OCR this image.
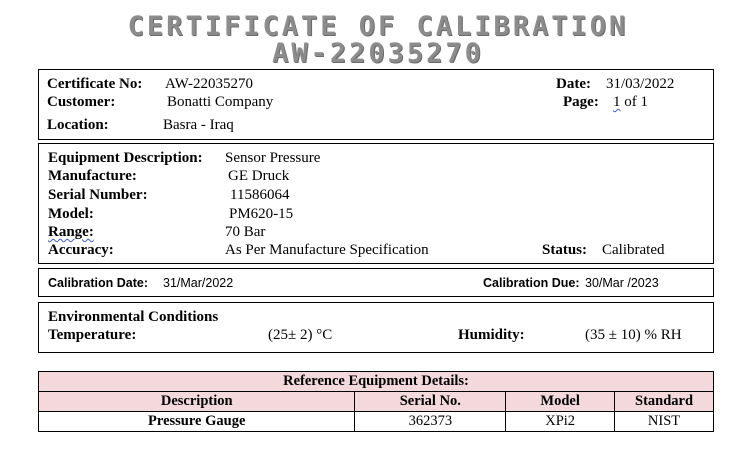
CERTIFICATE OF CALIBRATION
AW-22035270
Certificate No: AW-22035270	Date: 31/03/2022
Customer:	Bonatti Company	Page: 1 of 1
Location:	Basra - Iraq
Equipment Description: Sensor Pressure
Manufacture:	GE Druck
Serial Number:	11586064
Model:	PM620-15
Range:	70 Bar
Accuracy:	As Per Manufacture Specification	Status: Calibrated
Calibration Date: 31/Mar/2022	Calibration Due: 30/Mar /2023
Environmental Conditions
Temperature:	(25± 2) °C	Humidity:	(35 ± 10) % RH
Reference Equipment Details:			
Description	Serial No.	Model	Standard
Pressure Gauge	362373	XPi2	NIST
